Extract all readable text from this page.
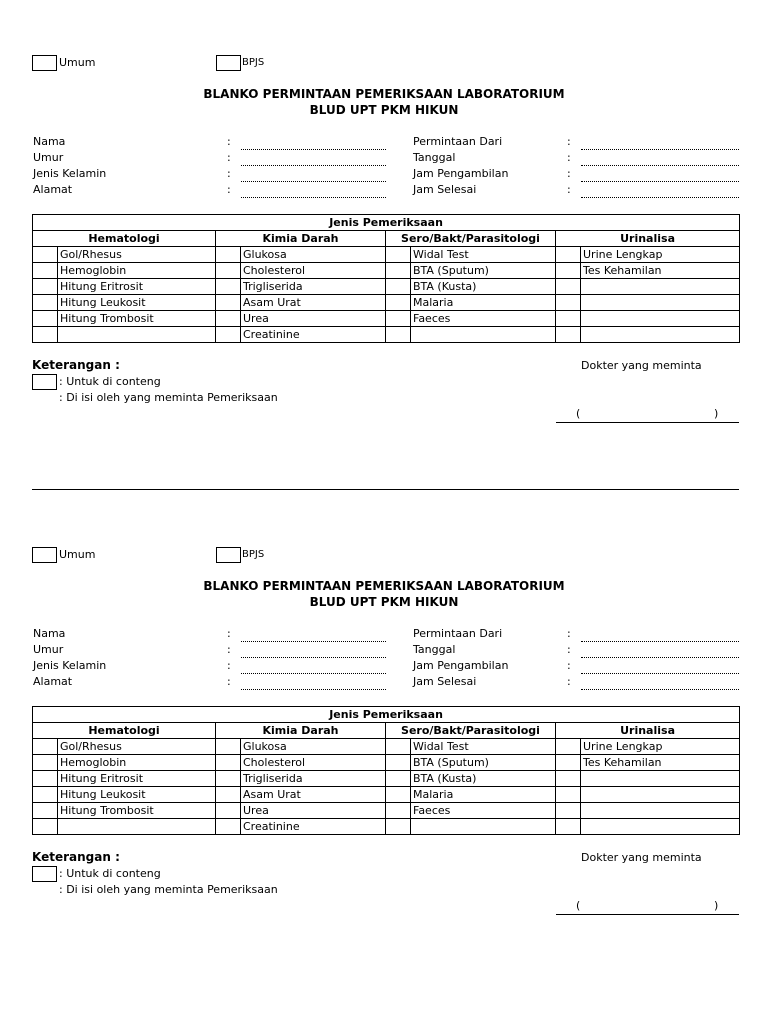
Umum	BPJS
BLANKO PERMINTAAN PEMERIKSAAN LABORATORIUM
BLUD UPT PKM HIKUN
Nama	:
Umur	:
Jenis Kelamin	:
Alamat	:
Permintaan Dari	:
Tanggal	:
Jam Pengambilan	:
Jam Selesai	:
Jenis Pemeriksaan							
Hematologi		Kimia Darah		Sero/Bakt/Parasitologi		Urinalisa	
	Gol/Rhesus		Glukosa		Widal Test		Urine Lengkap
	Hemoglobin		Cholesterol		BTA (Sputum)		Tes Kehamilan
	Hitung Eritrosit		Trigliserida		BTA (Kusta)		
	Hitung Leukosit		Asam Urat		Malaria		
	Hitung Trombosit		Urea		Faeces		
			Creatinine				
Keterangan :
: Untuk di conteng
: Di isi oleh yang meminta Pemeriksaan
Dokter yang meminta
(	)
Umum	BPJS
BLANKO PERMINTAAN PEMERIKSAAN LABORATORIUM
BLUD UPT PKM HIKUN
Nama	:
Umur	:
Jenis Kelamin	:
Alamat	:
Permintaan Dari	:
Tanggal	:
Jam Pengambilan	:
Jam Selesai	:
Jenis Pemeriksaan							
Hematologi		Kimia Darah		Sero/Bakt/Parasitologi		Urinalisa	
	Gol/Rhesus		Glukosa		Widal Test		Urine Lengkap
	Hemoglobin		Cholesterol		BTA (Sputum)		Tes Kehamilan
	Hitung Eritrosit		Trigliserida		BTA (Kusta)		
	Hitung Leukosit		Asam Urat		Malaria		
	Hitung Trombosit		Urea		Faeces		
			Creatinine				
Keterangan :
: Untuk di conteng
: Di isi oleh yang meminta Pemeriksaan
Dokter yang meminta
(	)
